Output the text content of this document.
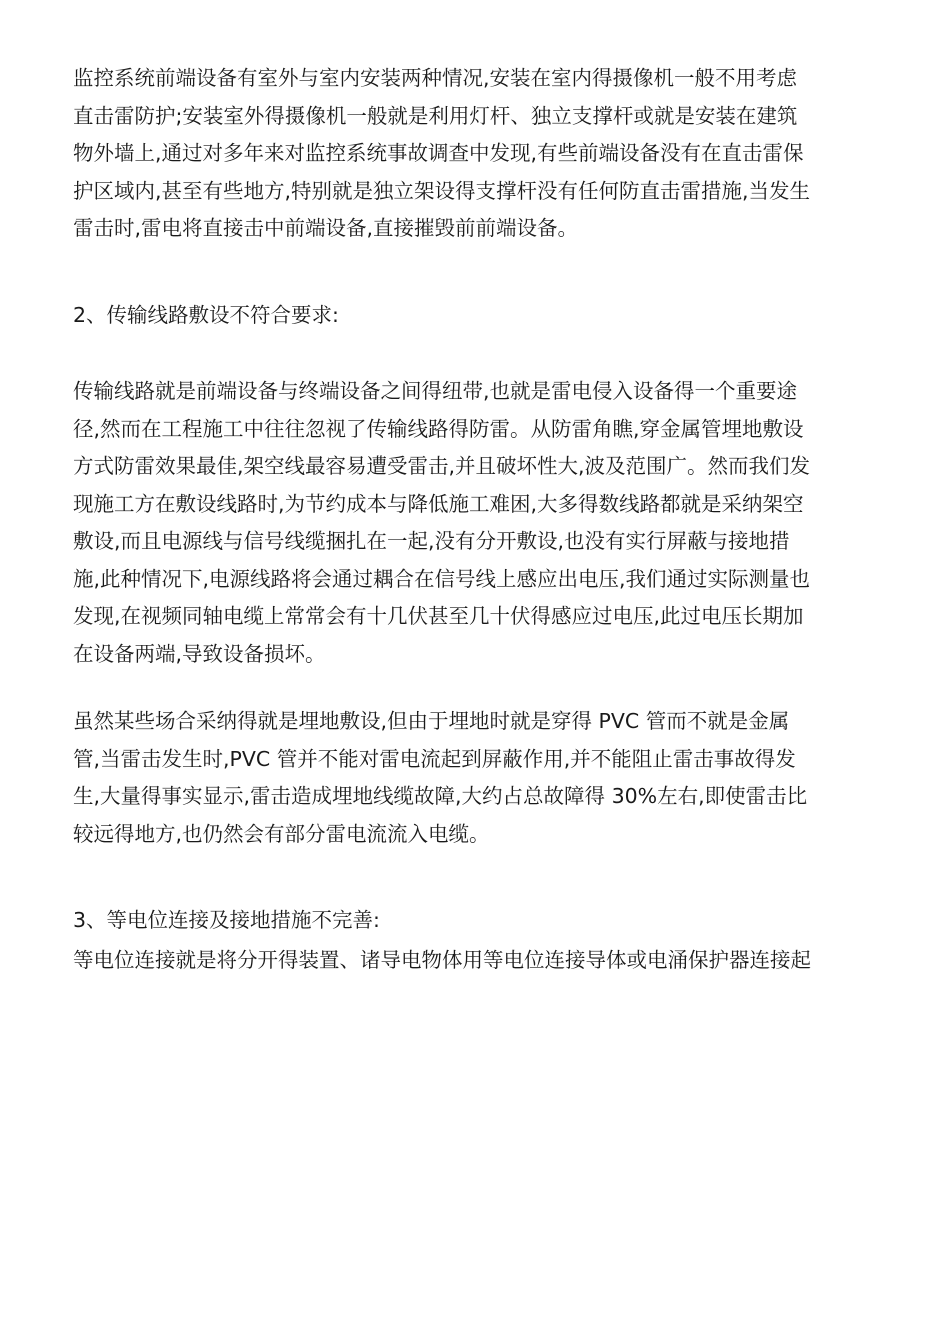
监控系统前端设备有室外与室内安装两种情况,安装在室内得摄像机一般不用考虑
直击雷防护;安装室外得摄像机一般就是利用灯杆、独立支撑杆或就是安装在建筑
物外墙上,通过对多年来对监控系统事故调查中发现,有些前端设备没有在直击雷保
护区域内,甚至有些地方,特别就是独立架设得支撑杆没有任何防直击雷措施,当发生
雷击时,雷电将直接击中前端设备,直接摧毁前前端设备。

2、传输线路敷设不符合要求:

传输线路就是前端设备与终端设备之间得纽带,也就是雷电侵入设备得一个重要途
径,然而在工程施工中往往忽视了传输线路得防雷。从防雷角瞧,穿金属管埋地敷设
方式防雷效果最佳,架空线最容易遭受雷击,并且破坏性大,波及范围广。然而我们发
现施工方在敷设线路时,为节约成本与降低施工难困,大多得数线路都就是采纳架空
敷设,而且电源线与信号线缆捆扎在一起,没有分开敷设,也没有实行屏蔽与接地措
施,此种情况下,电源线路将会通过耦合在信号线上感应出电压,我们通过实际测量也
发现,在视频同轴电缆上常常会有十几伏甚至几十伏得感应过电压,此过电压长期加
在设备两端,导致设备损坏。

虽然某些场合采纳得就是埋地敷设,但由于埋地时就是穿得 PVC 管而不就是金属
管,当雷击发生时,PVC 管并不能对雷电流起到屏蔽作用,并不能阻止雷击事故得发
生,大量得事实显示,雷击造成埋地线缆故障,大约占总故障得 30%左右,即使雷击比
较远得地方,也仍然会有部分雷电流流入电缆。

3、等电位连接及接地措施不完善:

等电位连接就是将分开得装置、诸导电物体用等电位连接导体或电涌保护器连接起
